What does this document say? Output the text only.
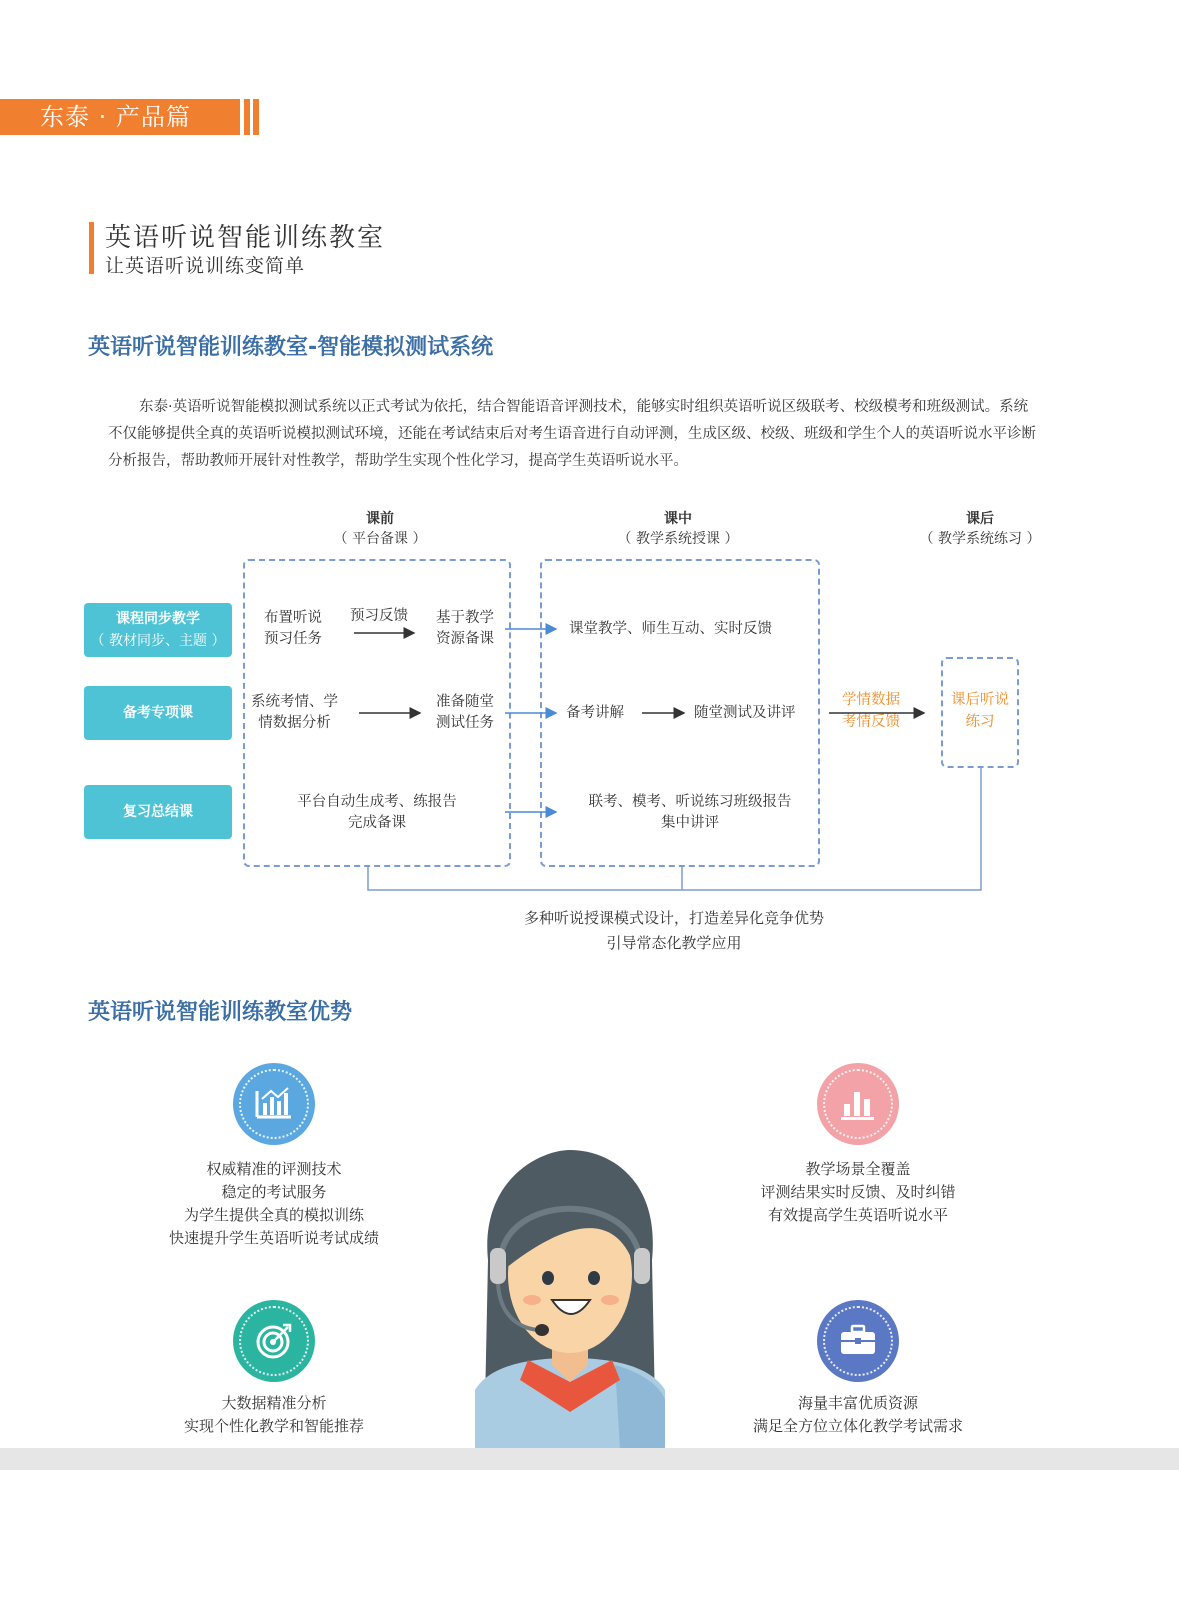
东泰 · 产品篇
英语听说智能训练教室
让英语听说训练变简单
英语听说智能训练教室-智能模拟测试系统
东泰·英语听说智能模拟测试系统以正式考试为依托，结合智能语音评测技术，能够实时组织英语听说区级联考、校级模考和班级测试。系统不仅能够提供全真的英语听说模拟测试环境，还能在考试结束后对考生语音进行自动评测，生成区级、校级、班级和学生个人的英语听说水平诊断分析报告，帮助教师开展针对性教学，帮助学生实现个性化学习，提高学生英语听说水平。
课前
（ 平台备课 ）
课中
（ 教学系统授课 ）
课后
（ 教学系统练习 ）
课程同步教学
（ 教材同步、主题 ）
备考专项课
复习总结课
布置听说
预习任务
预习反馈 基于教学
资源备课
系统考情、学
情数据分析
准备随堂
测试任务
平台自动生成考、练报告
完成备课
课堂教学、师生互动、实时反馈
备考讲解	随堂测试及讲评
联考、模考、听说练习班级报告
集中讲评
学情数据
考情反馈
课后听说
练习
多种听说授课模式设计，打造差异化竞争优势
引导常态化教学应用
英语听说智能训练教室优势
权威精准的评测技术
稳定的考试服务
为学生提供全真的模拟训练
快速提升学生英语听说考试成绩
教学场景全覆盖
评测结果实时反馈、及时纠错
有效提高学生英语听说水平
大数据精准分析
实现个性化教学和智能推荐
海量丰富优质资源
满足全方位立体化教学考试需求
